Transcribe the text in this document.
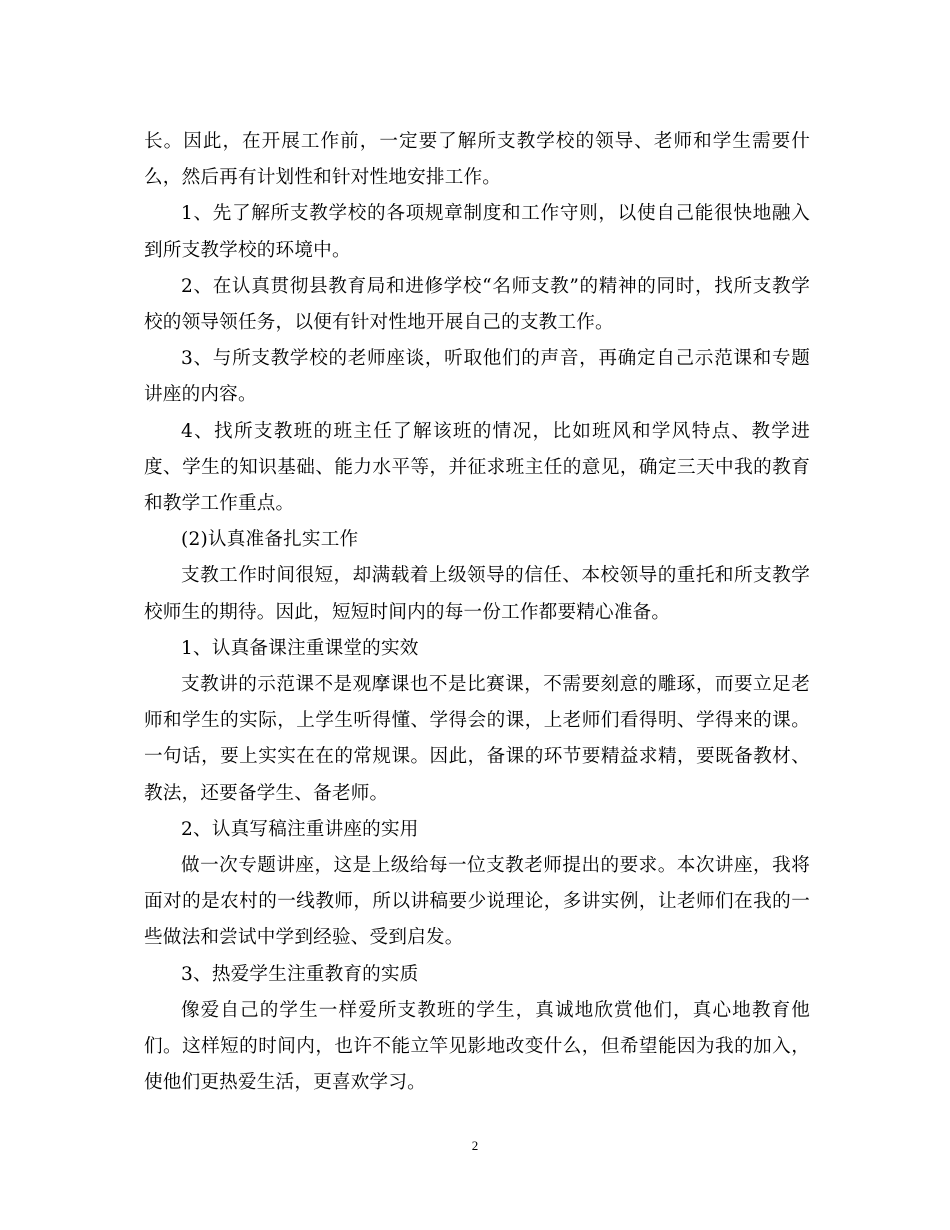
长。因此，在开展工作前，一定要了解所支教学校的领导、老师和学生需要什么，然后再有计划性和针对性地安排工作。

1、先了解所支教学校的各项规章制度和工作守则，以使自己能很快地融入到所支教学校的环境中。

2、在认真贯彻县教育局和进修学校“名师支教”的精神的同时，找所支教学校的领导领任务，以便有针对性地开展自己的支教工作。

3、与所支教学校的老师座谈，听取他们的声音，再确定自己示范课和专题讲座的内容。

4、找所支教班的班主任了解该班的情况，比如班风和学风特点、教学进度、学生的知识基础、能力水平等，并征求班主任的意见，确定三天中我的教育和教学工作重点。

(2)认真准备扎实工作

支教工作时间很短，却满载着上级领导的信任、本校领导的重托和所支教学校师生的期待。因此，短短时间内的每一份工作都要精心准备。

1、认真备课注重课堂的实效

支教讲的示范课不是观摩课也不是比赛课，不需要刻意的雕琢，而要立足老师和学生的实际，上学生听得懂、学得会的课，上老师们看得明、学得来的课。一句话，要上实实在在的常规课。因此，备课的环节要精益求精，要既备教材、教法，还要备学生、备老师。

2、认真写稿注重讲座的实用

做一次专题讲座，这是上级给每一位支教老师提出的要求。本次讲座，我将面对的是农村的一线教师，所以讲稿要少说理论，多讲实例，让老师们在我的一些做法和尝试中学到经验、受到启发。

3、热爱学生注重教育的实质

像爱自己的学生一样爱所支教班的学生，真诚地欣赏他们，真心地教育他们。这样短的时间内，也许不能立竿见影地改变什么，但希望能因为我的加入，使他们更热爱生活，更喜欢学习。

2
